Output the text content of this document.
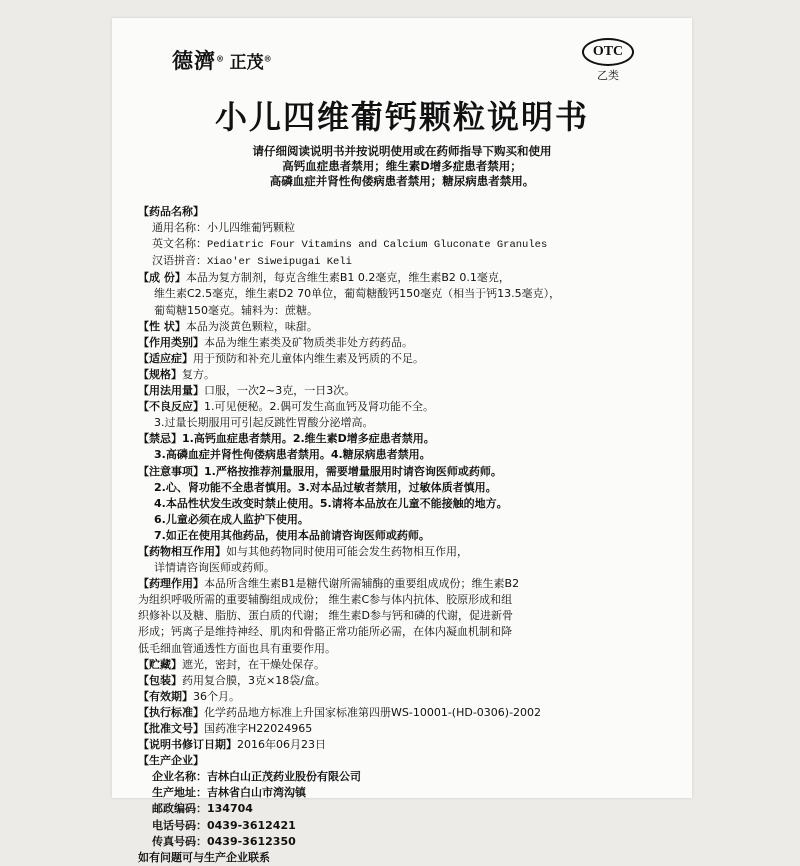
德濟® 正茂®	OTC
乙类
小儿四维葡钙颗粒说明书
请仔细阅读说明书并按说明使用或在药师指导下购买和使用
高钙血症患者禁用；维生素D增多症患者禁用；
高磷血症并肾性佝偻病患者禁用；糖尿病患者禁用。
【药品名称】
通用名称：小儿四维葡钙颗粒
英文名称：Pediatric Four Vitamins and Calcium Gluconate Granules
汉语拼音：Xiao'er Siweipugai Keli
【成 份】本品为复方制剂，每克含维生素B1 0.2毫克，维生素B2 0.1毫克，
维生素C2.5毫克，维生素D2 70单位，葡萄糖酸钙150毫克（相当于钙13.5毫克），
葡萄糖150毫克。辅料为：蔗糖。
【性 状】本品为淡黄色颗粒，味甜。
【作用类别】本品为维生素类及矿物质类非处方药药品。
【适应症】用于预防和补充儿童体内维生素及钙质的不足。
【规格】复方。
【用法用量】口服，一次2~3克，一日3次。
【不良反应】1.可见便秘。2.偶可发生高血钙及肾功能不全。
3.过量长期服用可引起反跳性胃酸分泌增高。
【禁忌】1.高钙血症患者禁用。2.维生素D增多症患者禁用。
3.高磷血症并肾性佝偻病患者禁用。4.糖尿病患者禁用。
【注意事项】1.严格按推荐剂量服用，需要增量服用时请咨询医师或药师。
2.心、肾功能不全患者慎用。3.对本品过敏者禁用，过敏体质者慎用。
4.本品性状发生改变时禁止使用。5.请将本品放在儿童不能接触的地方。
6.儿童必须在成人监护下使用。
7.如正在使用其他药品，使用本品前请咨询医师或药师。
【药物相互作用】如与其他药物同时使用可能会发生药物相互作用，
详情请咨询医师或药师。
【药理作用】本品所含维生素B1是糖代谢所需辅酶的重要组成成份；维生素B2
为组织呼吸所需的重要辅酶组成成份； 维生素C参与体内抗体、胶原形成和组
织修补以及糖、脂肪、蛋白质的代谢； 维生素D参与钙和磷的代谢，促进新骨
形成；钙离子是维持神经、肌肉和骨骼正常功能所必需，在体内凝血机制和降
低毛细血管通透性方面也具有重要作用。
【贮藏】遮光，密封，在干燥处保存。
【包装】药用复合膜，3克×18袋/盒。
【有效期】36个月。
【执行标准】化学药品地方标准上升国家标准第四册WS-10001-(HD-0306)-2002
【批准文号】国药准字H22024965
【说明书修订日期】2016年06月23日
【生产企业】
企业名称：吉林白山正茂药业股份有限公司
生产地址：吉林省白山市湾沟镇
邮政编码：134704
电话号码：0439-3612421
传真号码：0439-3612350
如有问题可与生产企业联系
